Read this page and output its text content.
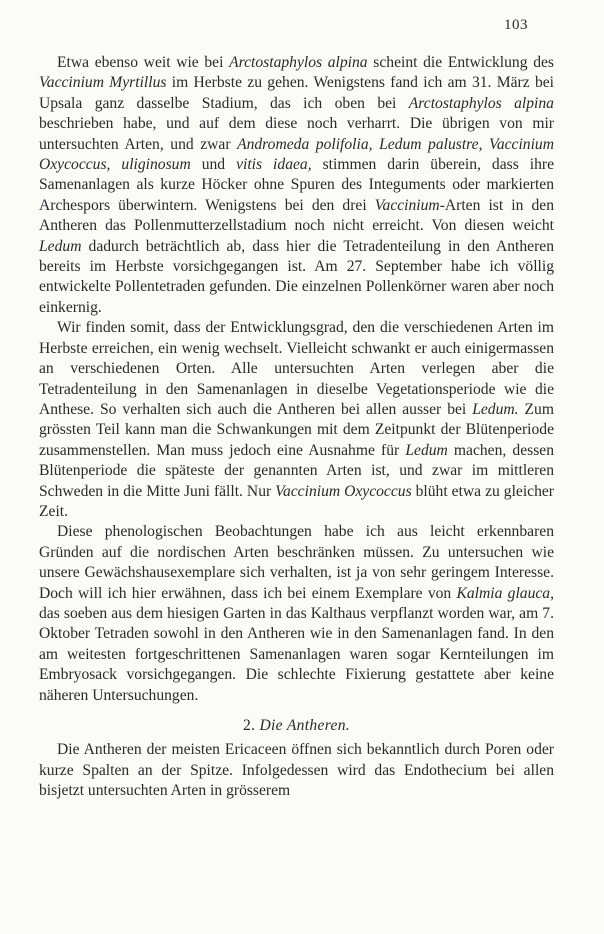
103

Etwa ebenso weit wie bei Arctostaphylos alpina scheint die Entwicklung des Vaccinium Myrtillus im Herbste zu gehen. Wenigstens fand ich am 31. März bei Upsala ganz dasselbe Stadium, das ich oben bei Arctostaphylos alpina beschrieben habe, und auf dem diese noch verharrt. Die übrigen von mir untersuchten Arten, und zwar Andromeda polifolia, Ledum palustre, Vaccinium Oxycoccus, uliginosum und vitis idaea, stimmen darin überein, dass ihre Samenanlagen als kurze Höcker ohne Spuren des Integuments oder markierten Archespors überwintern. Wenigstens bei den drei Vaccinium-Arten ist in den Antheren das Pollenmutterzellstadium noch nicht erreicht. Von diesen weicht Ledum dadurch beträchtlich ab, dass hier die Tetradenteilung in den Antheren bereits im Herbste vorsichgegangen ist. Am 27. September habe ich völlig entwickelte Pollentetraden gefunden. Die einzelnen Pollenkörner waren aber noch einkernig.

Wir finden somit, dass der Entwicklungsgrad, den die verschiedenen Arten im Herbste erreichen, ein wenig wechselt. Vielleicht schwankt er auch einigermassen an verschiedenen Orten. Alle untersuchten Arten verlegen aber die Tetradenteilung in den Samenanlagen in dieselbe Vegetationsperiode wie die Anthese. So verhalten sich auch die Antheren bei allen ausser bei Ledum. Zum grössten Teil kann man die Schwankungen mit dem Zeitpunkt der Blütenperiode zusammenstellen. Man muss jedoch eine Ausnahme für Ledum machen, dessen Blütenperiode die späteste der genannten Arten ist, und zwar im mittleren Schweden in die Mitte Juni fällt. Nur Vaccinium Oxycoccus blüht etwa zu gleicher Zeit.

Diese phenologischen Beobachtungen habe ich aus leicht erkennbaren Gründen auf die nordischen Arten beschränken müssen. Zu untersuchen wie unsere Gewächshausexemplare sich verhalten, ist ja von sehr geringem Interesse. Doch will ich hier erwähnen, dass ich bei einem Exemplare von Kalmia glauca, das soeben aus dem hiesigen Garten in das Kalthaus verpflanzt worden war, am 7. Oktober Tetraden sowohl in den Antheren wie in den Samenanlagen fand. In den am weitesten fortgeschrittenen Samenanlagen waren sogar Kernteilungen im Embryosack vorsichgegangen. Die schlechte Fixierung gestattete aber keine näheren Untersuchungen.

2. Die Antheren.

Die Antheren der meisten Ericaceen öffnen sich bekanntlich durch Poren oder kurze Spalten an der Spitze. Infolgedessen wird das Endothecium bei allen bisjetzt untersuchten Arten in grösserem
